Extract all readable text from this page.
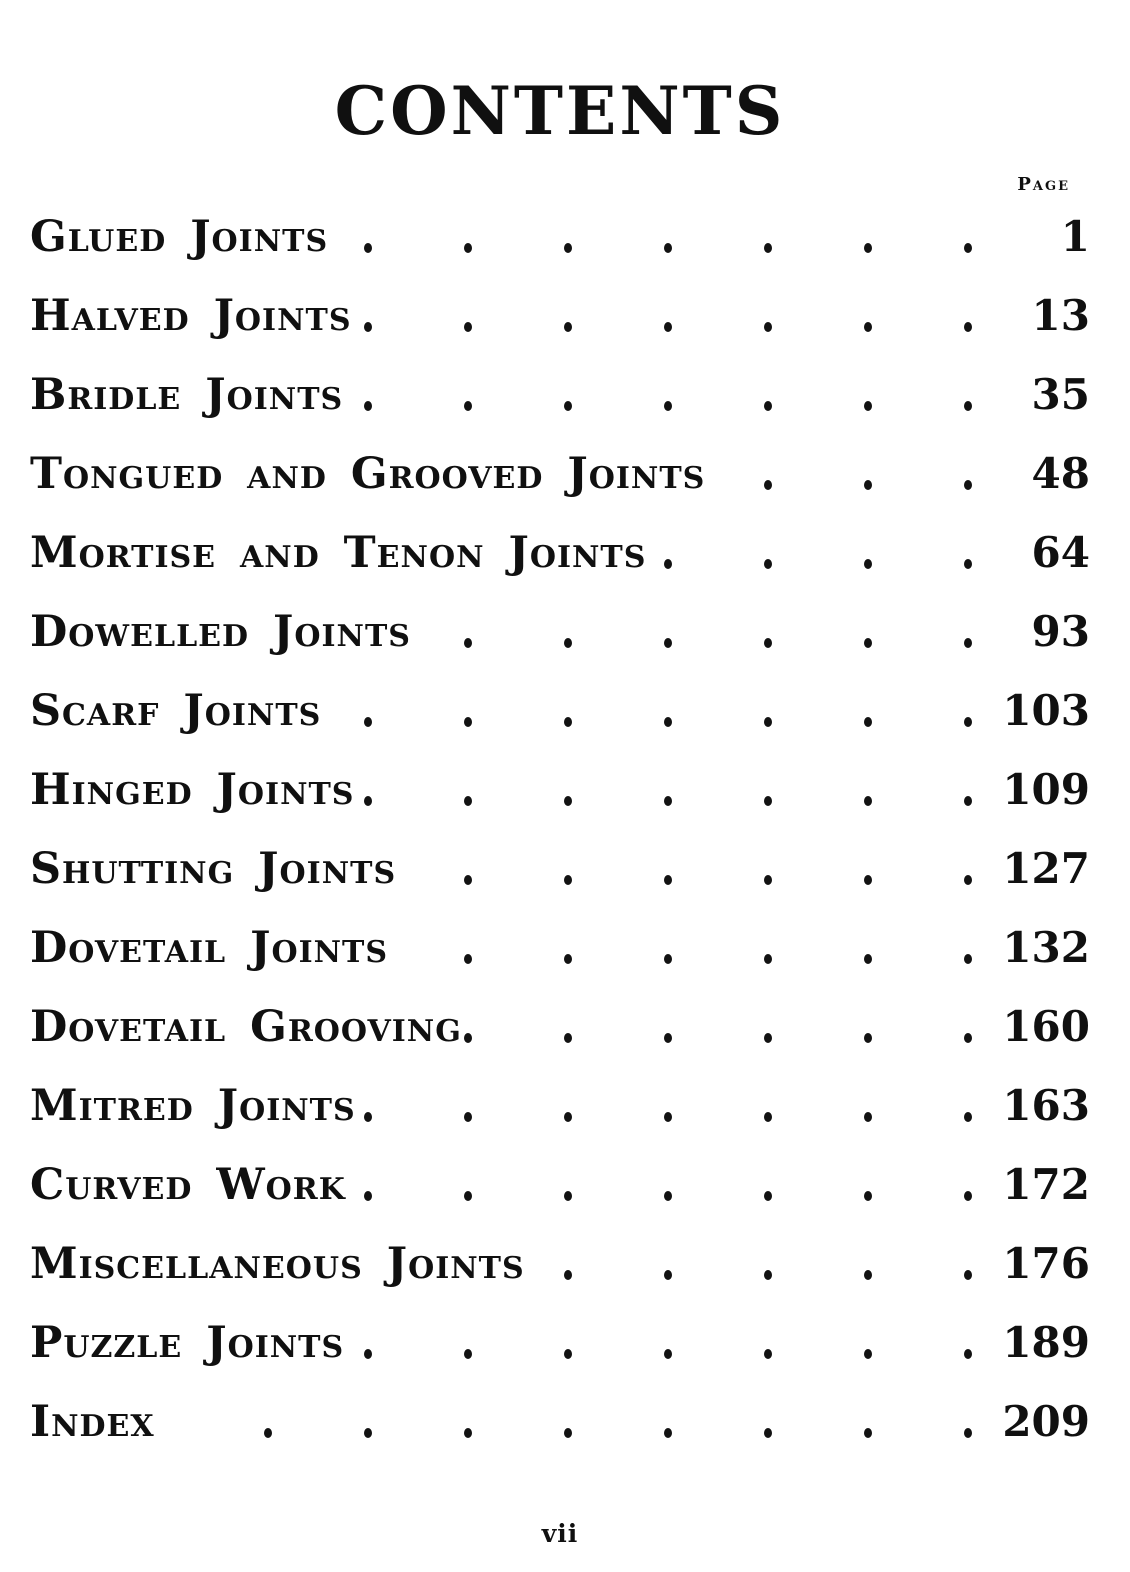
CONTENTS
Page
Glued Joints	1
Halved Joints	13
Bridle Joints	35
Tongued and Grooved Joints	48
Mortise and Tenon Joints	64
Dowelled Joints	93
Scarf Joints	103
Hinged Joints	109
Shutting Joints	127
Dovetail Joints	132
Dovetail Grooving	160
Mitred Joints	163
Curved Work	172
Miscellaneous Joints	176
Puzzle Joints	189
Index	209
vii
